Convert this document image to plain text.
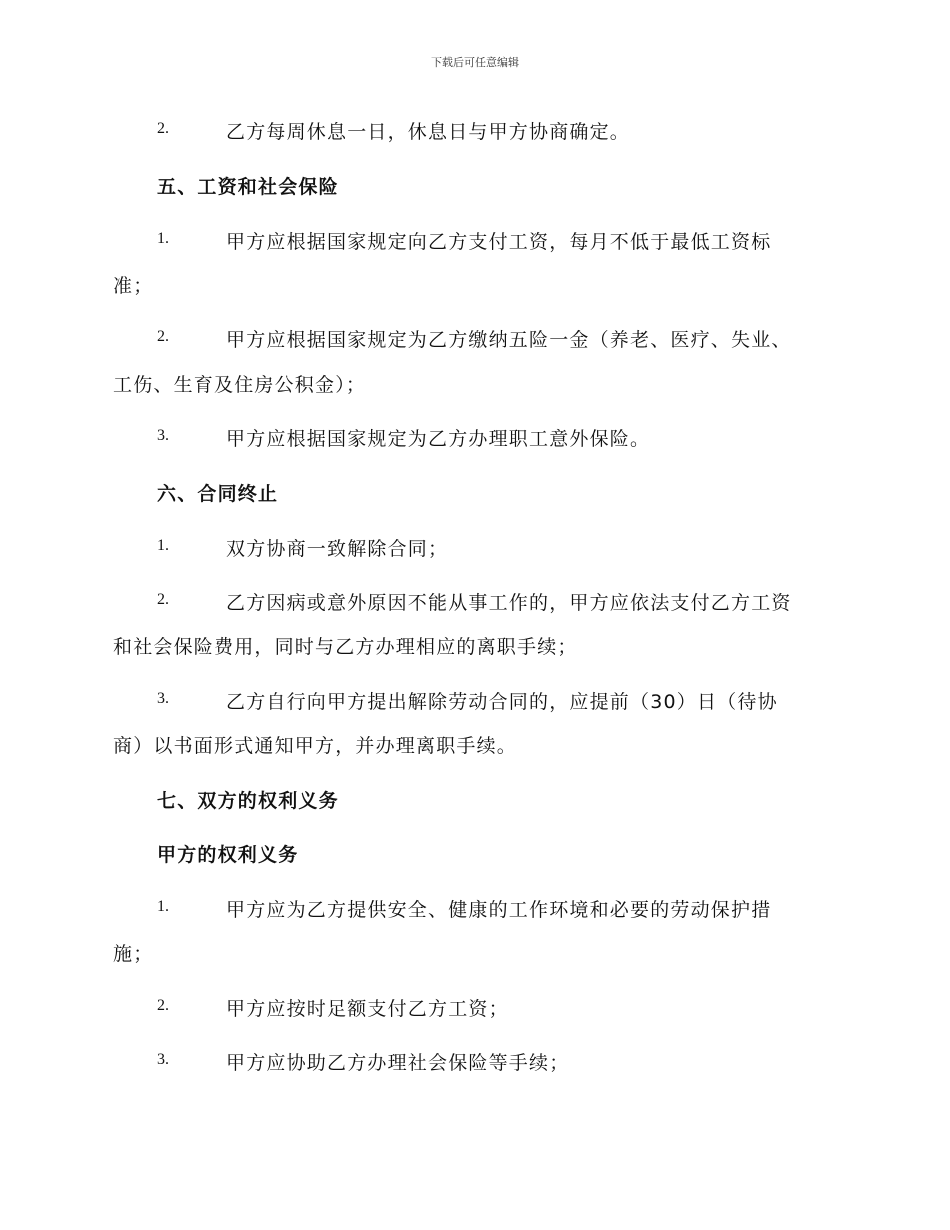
下载后可任意编辑
2.	乙方每周休息一日，休息日与甲方协商确定。
五、工资和社会保险
1.	甲方应根据国家规定向乙方支付工资，每月不低于最低工资标
准；
2.	甲方应根据国家规定为乙方缴纳五险一金（养老、医疗、失业、
工伤、生育及住房公积金）；
3.	甲方应根据国家规定为乙方办理职工意外保险。
六、合同终止
1.	双方协商一致解除合同；
2.	乙方因病或意外原因不能从事工作的，甲方应依法支付乙方工资
和社会保险费用，同时与乙方办理相应的离职手续；
3.	乙方自行向甲方提出解除劳动合同的，应提前（30）日（待协
商）以书面形式通知甲方，并办理离职手续。
七、双方的权利义务
甲方的权利义务
1.	甲方应为乙方提供安全、健康的工作环境和必要的劳动保护措
施；
2.	甲方应按时足额支付乙方工资；
3.	甲方应协助乙方办理社会保险等手续；
